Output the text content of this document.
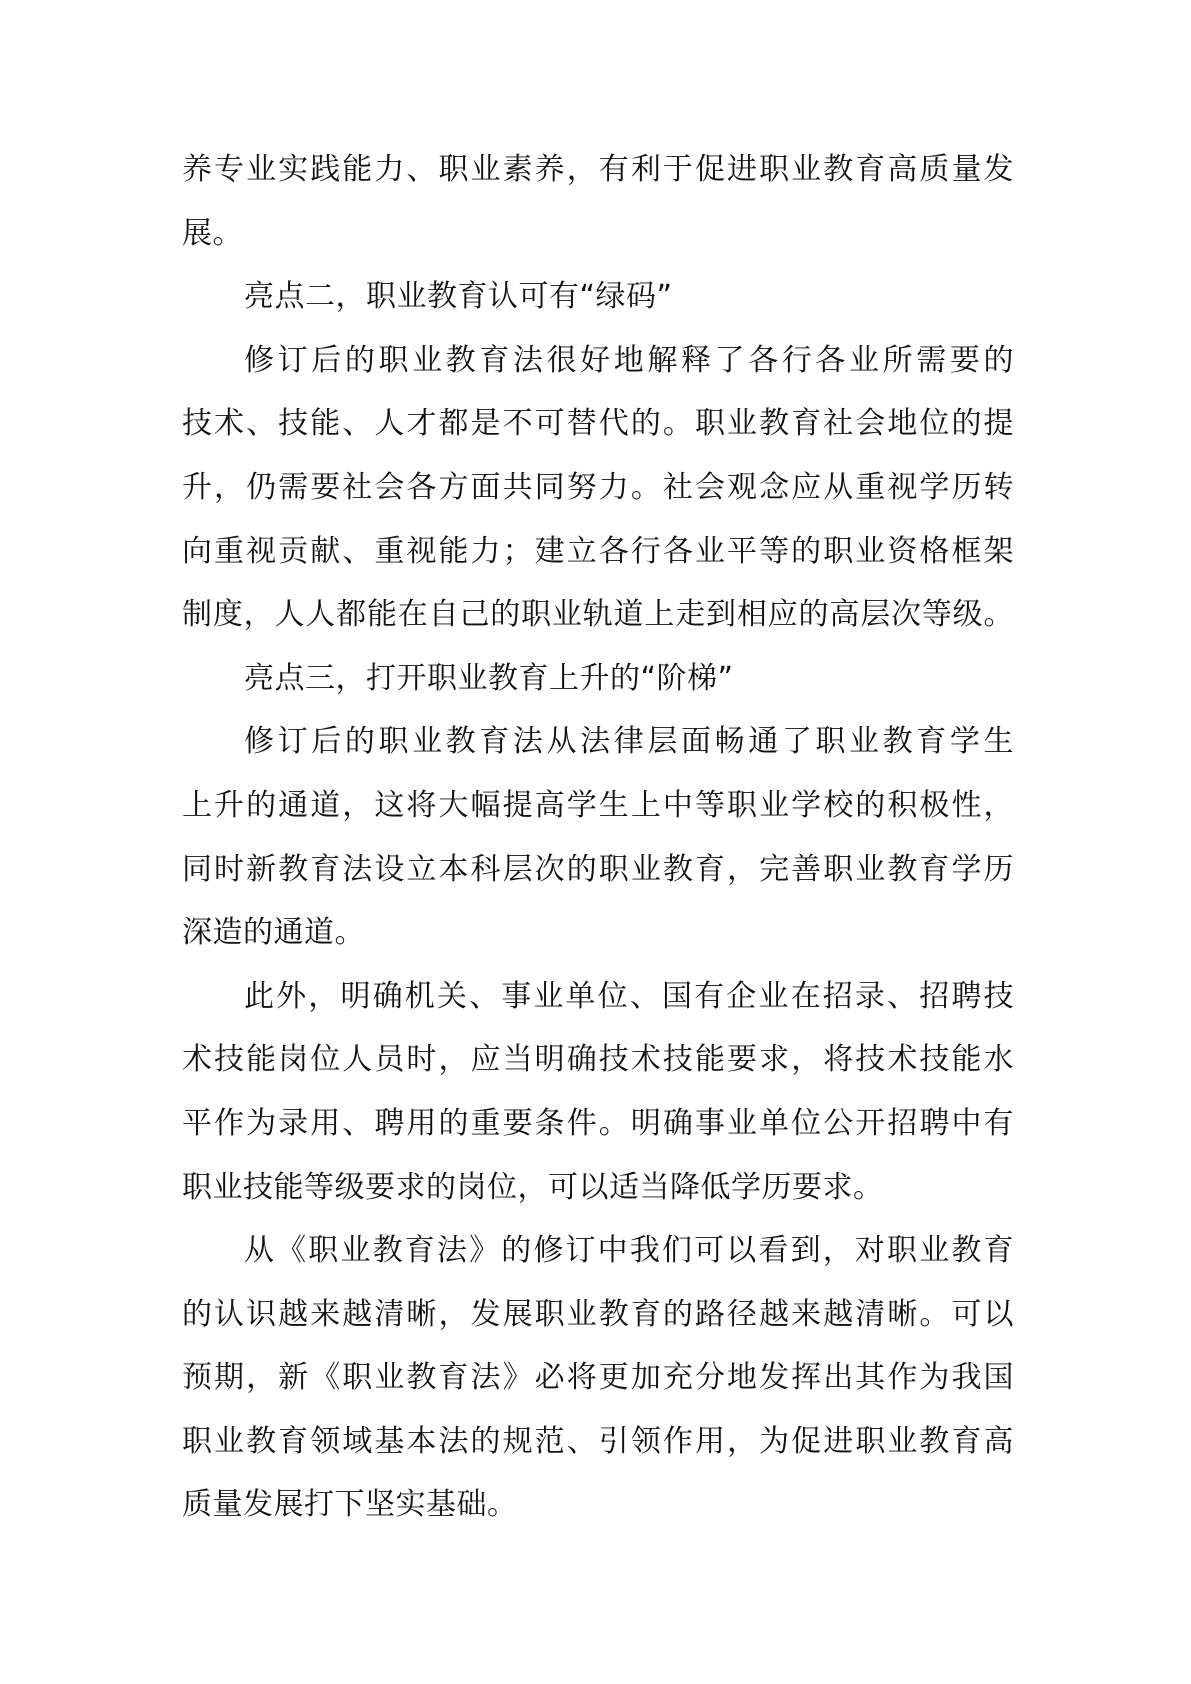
养专业实践能力、职业素养，有利于促进职业教育高质量发
展。
亮点二，职业教育认可有“绿码”
修订后的职业教育法很好地解释了各行各业所需要的
技术、技能、人才都是不可替代的。职业教育社会地位的提
升，仍需要社会各方面共同努力。社会观念应从重视学历转
向重视贡献、重视能力；建立各行各业平等的职业资格框架
制度，人人都能在自己的职业轨道上走到相应的高层次等级。
亮点三，打开职业教育上升的“阶梯”
修订后的职业教育法从法律层面畅通了职业教育学生
上升的通道，这将大幅提高学生上中等职业学校的积极性，
同时新教育法设立本科层次的职业教育，完善职业教育学历
深造的通道。
此外，明确机关、事业单位、国有企业在招录、招聘技
术技能岗位人员时，应当明确技术技能要求，将技术技能水
平作为录用、聘用的重要条件。明确事业单位公开招聘中有
职业技能等级要求的岗位，可以适当降低学历要求。
从《职业教育法》的修订中我们可以看到，对职业教育
的认识越来越清晰，发展职业教育的路径越来越清晰。可以
预期，新《职业教育法》必将更加充分地发挥出其作为我国
职业教育领域基本法的规范、引领作用，为促进职业教育高
质量发展打下坚实基础。
